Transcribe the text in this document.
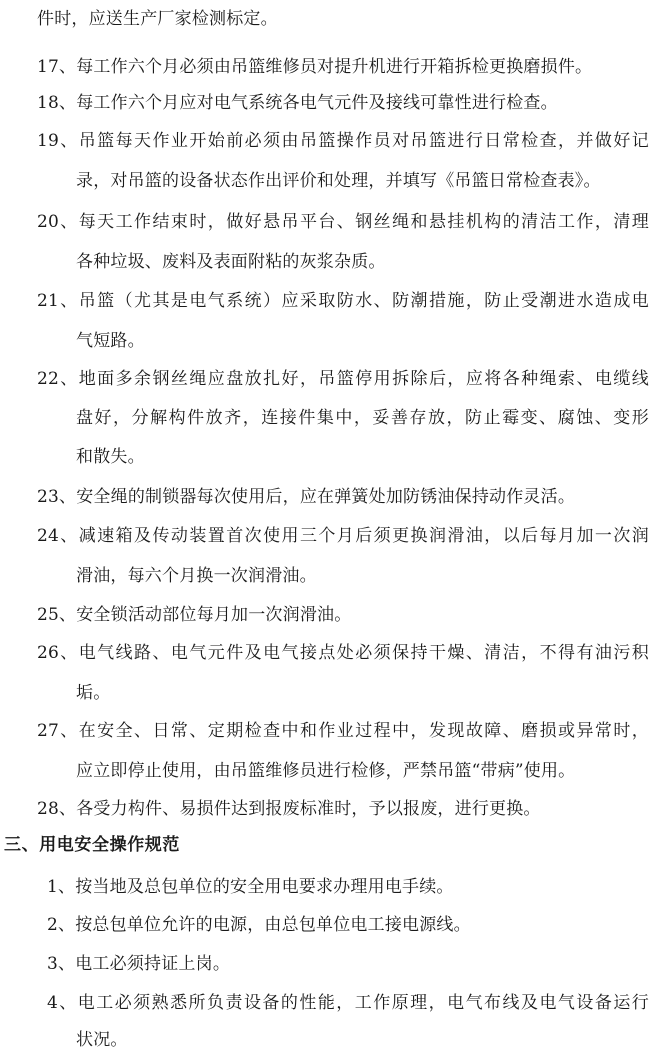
件时，应送生产厂家检测标定。
17、每工作六个月必须由吊篮维修员对提升机进行开箱拆检更换磨损件。
18、每工作六个月应对电气系统各电气元件及接线可靠性进行检查。
19、吊篮每天作业开始前必须由吊篮操作员对吊篮进行日常检查，并做好记
录，对吊篮的设备状态作出评价和处理，并填写《吊篮日常检查表》。
20、每天工作结束时，做好悬吊平台、钢丝绳和悬挂机构的清洁工作，清理
各种垃圾、废料及表面附粘的灰浆杂质。
21、吊篮（尤其是电气系统）应采取防水、防潮措施，防止受潮进水造成电
气短路。
22、地面多余钢丝绳应盘放扎好，吊篮停用拆除后，应将各种绳索、电缆线
盘好，分解构件放齐，连接件集中，妥善存放，防止霉变、腐蚀、变形
和散失。
23、安全绳的制锁器每次使用后，应在弹簧处加防锈油保持动作灵活。
24、减速箱及传动装置首次使用三个月后须更换润滑油，以后每月加一次润
滑油，每六个月换一次润滑油。
25、安全锁活动部位每月加一次润滑油。
26、电气线路、电气元件及电气接点处必须保持干燥、清洁，不得有油污积
垢。
27、在安全、日常、定期检查中和作业过程中，发现故障、磨损或异常时，
应立即停止使用，由吊篮维修员进行检修，严禁吊篮“带病”使用。
28、各受力构件、易损件达到报废标准时，予以报废，进行更换。
三、用电安全操作规范
1、按当地及总包单位的安全用电要求办理用电手续。
2、按总包单位允许的电源，由总包单位电工接电源线。
3、电工必须持证上岗。
4、电工必须熟悉所负责设备的性能，工作原理，电气布线及电气设备运行
状况。
